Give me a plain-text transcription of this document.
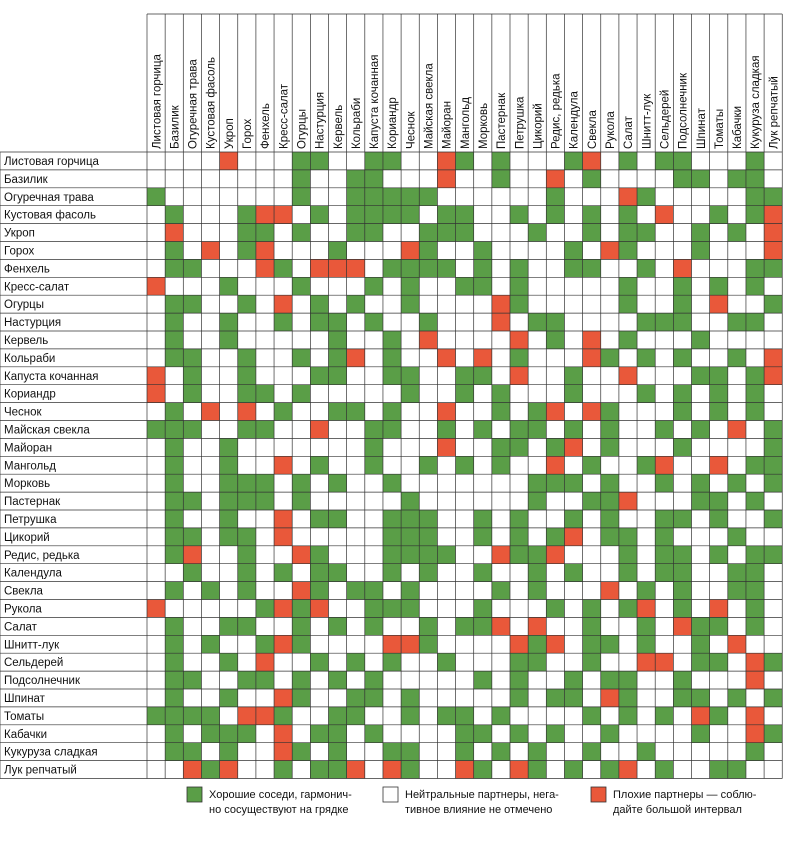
Листовая горчица Базилик Огуречная трава Кустовая фасоль Укроп Горох Фенхель Кресс-салат Огурцы Настурция Кервель Кольраби Капуста кочанная Кориандр Чеснок Майская свекла Майоран Мангольд Морковь Пастернак Петрушка Цикорий Редис, редька Календула Свекла Рукола Салат Шнитт-лук Сельдерей Подсолнечник Шпинат Томаты Кабачки Кукуруза сладкая Лук репчатый
Листовая горчица
Базилик
Огуречная трава
Кустовая фасоль
Укроп
Горох
Фенхель
Кресс-салат
Огурцы
Настурция
Кервель
Кольраби
Капуста кочанная
Кориандр
Чеснок
Майская свекла
Майоран
Мангольд
Морковь
Пастернак
Петрушка
Цикорий
Редис, редька
Календула
Свекла
Рукола
Салат
Шнитт-лук
Сельдерей
Подсолнечник
Шпинат
Томаты
Кабачки
Кукуруза сладкая
Лук репчатый
Хорошие соседи, гармонич-
но сосуществуют на грядке
Нейтральные партнеры, нега-
тивное влияние не отмечено
Плохие партнеры — соблю-
дайте большой интервал
